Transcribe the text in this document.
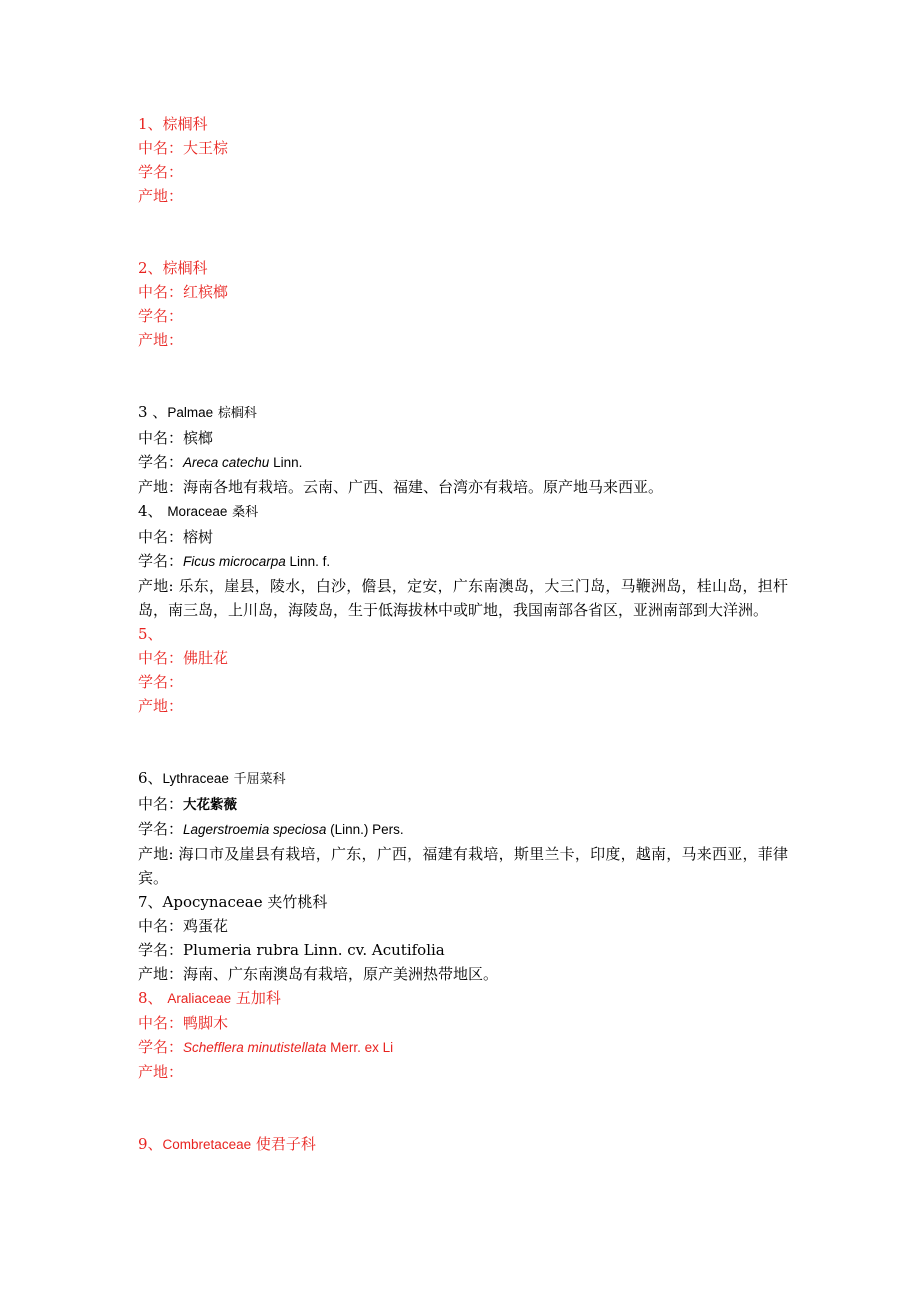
1、棕榈科
中名：大王棕
学名：
产地：
2、棕榈科
中名：红槟榔
学名：
产地：
3 、Palmae 棕榈科
中名：槟榔
学名：Areca catechu Linn.
产地：海南各地有栽培。云南、广西、福建、台湾亦有栽培。原产地马来西亚。
4、 Moraceae 桑科
中名：榕树
学名：Ficus microcarpa Linn. f.
产地: 乐东，崖县，陵水，白沙，儋县，定安，广东南澳岛，大三门岛，马鞭洲岛，桂山岛，担杆岛，南三岛，上川岛，海陵岛，生于低海拔林中或旷地，我国南部各省区，亚洲南部到大洋洲。
5、
中名：佛肚花
学名：
产地：
6、Lythraceae 千屈菜科
中名：大花紫薇
学名：Lagerstroemia speciosa (Linn.) Pers.
产地: 海口市及崖县有栽培，广东，广西，福建有栽培，斯里兰卡，印度，越南，马来西亚，菲律宾。
7、Apocynaceae 夹竹桃科
中名：鸡蛋花
学名：Plumeria rubra Linn. cv. Acutifolia
产地：海南、广东南澳岛有栽培，原产美洲热带地区。
8、 Araliaceae 五加科
中名：鸭脚木
学名：Schefflera minutistellata Merr. ex Li
产地：
9、Combretaceae 使君子科
